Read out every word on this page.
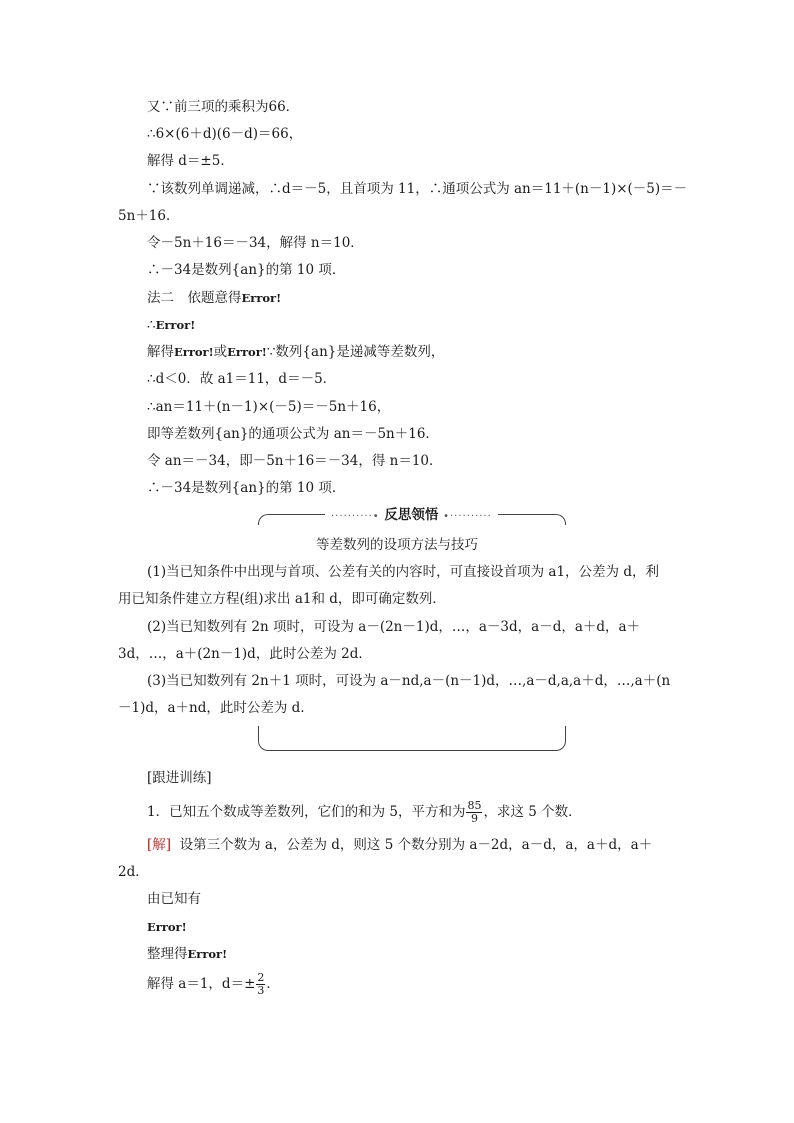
又∵前三项的乘积为66．
∴6×(6＋d)(6－d)＝66，
解得 d＝±5．
∵该数列单调递减，∴d＝－5，且首项为 11，∴通项公式为 an＝11＋(n－1)×(－5)＝－
5n＋16．
令－5n＋16＝－34，解得 n＝10．
∴－34是数列{an}的第 10 项．
法二　依题意得Error!
∴Error!
解得Error!或Error!∵数列{an}是递减等差数列，
∴d＜0．故 a1＝11，d＝－5．
∴an＝11＋(n－1)×(－5)＝－5n＋16，
即等差数列{an}的通项公式为 an＝－5n＋16．
令 an＝－34，即－5n＋16＝－34，得 n＝10．
∴－34是数列{an}的第 10 项．
··········• 反思领悟 •··········
等差数列的设项方法与技巧
(1)当已知条件中出现与首项、公差有关的内容时，可直接设首项为 a1，公差为 d，利
用已知条件建立方程(组)求出 a1和 d，即可确定数列．
(2)当已知数列有 2n 项时，可设为 a－(2n－1)d，…，a－3d，a－d，a＋d，a＋
3d，…，a＋(2n－1)d，此时公差为 2d．
(3)当已知数列有 2n＋1 项时，可设为 a－nd,a－(n－1)d，…,a－d,a,a＋d，…,a＋(n
－1)d，a＋nd，此时公差为 d．
[跟进训练]
1．已知五个数成等差数列，它们的和为 5，平方和为 $\frac{85}{9}$ ，求这 5 个数．
[解] 设第三个数为 a，公差为 d，则这 5 个数分别为 a－2d，a－d，a，a＋d，a＋
2d．
由已知有
Error!
整理得Error!
解得 a＝1，$d=\pm \frac{2}{3}$ ．
